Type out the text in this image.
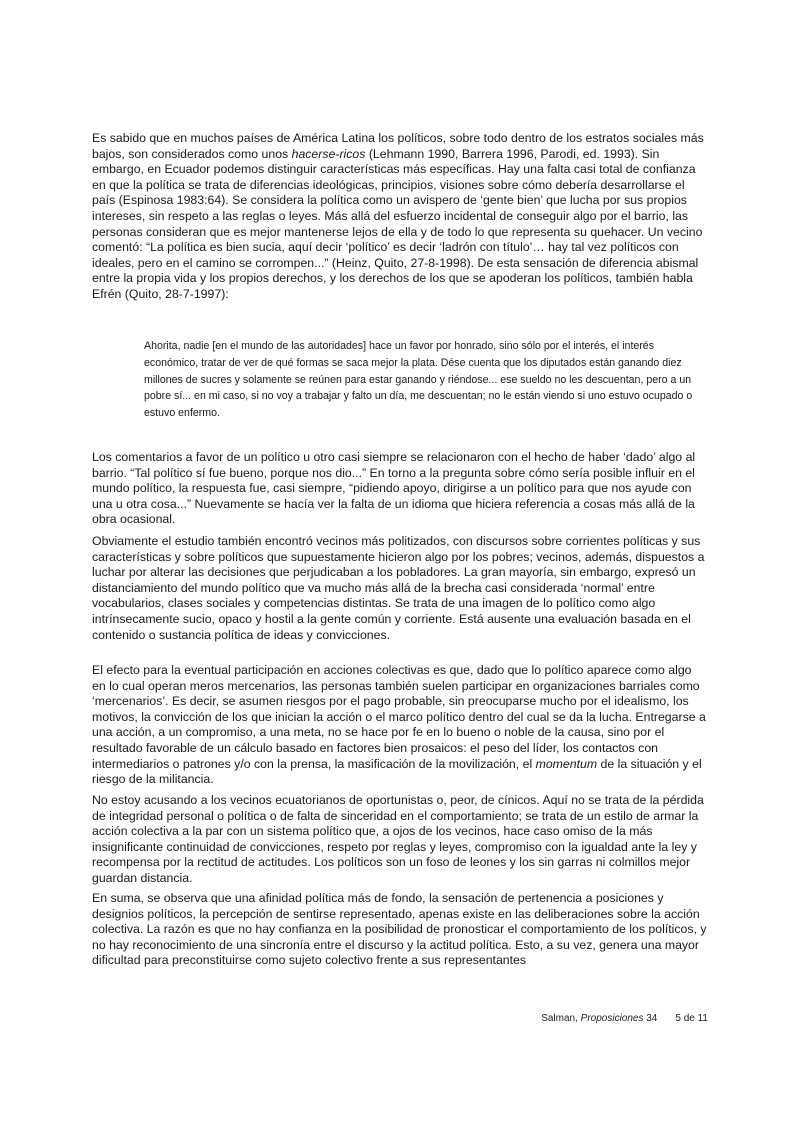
Es sabido que en muchos países de América Latina los políticos, sobre todo dentro de los estratos sociales más bajos, son considerados como unos hacerse-ricos (Lehmann 1990, Barrera 1996, Parodi, ed. 1993). Sin embargo, en Ecuador podemos distinguir características más específicas. Hay una falta casi total de confianza en que la política se trata de diferencias ideológicas, principios, visiones sobre cómo debería desarrollarse el país (Espinosa 1983:64). Se considera la política como un avispero de ‘gente bien’ que lucha por sus propios intereses, sin respeto a las reglas o leyes. Más allá del esfuerzo incidental de conseguir algo por el barrio, las personas consideran que es mejor mantenerse lejos de ella y de todo lo que representa su quehacer. Un vecino comentó: “La política es bien sucia, aquí decir ‘político’ es decir ‘ladrón con título’… hay tal vez políticos con ideales, pero en el camino se corrompen...” (Heinz, Quito, 27-8-1998). De esta sensación de diferencia abismal entre la propia vida y los propios derechos, y los derechos de los que se apoderan los políticos, también habla Efrén (Quito, 28-7-1997):

Ahorita, nadie [en el mundo de las autoridades] hace un favor por honrado, sino sólo por el interés, el interés económico, tratar de ver de qué formas se saca mejor la plata. Dése cuenta que los diputados están ganando diez millones de sucres y solamente se reúnen para estar ganando y riéndose... ese sueldo no les descuentan, pero a un pobre sí... en mi caso, si no voy a trabajar y falto un día, me descuentan; no le están viendo si uno estuvo ocupado o estuvo enfermo.

Los comentarios a favor de un político u otro casi siempre se relacionaron con el hecho de haber ‘dado’ algo al barrio. “Tal político sí fue bueno, porque nos dio...” En torno a la pregunta sobre cómo sería posible influir en el mundo político, la respuesta fue, casi siempre, “pidiendo apoyo, dirigirse a un político para que nos ayude con una u otra cosa...” Nuevamente se hacía ver la falta de un idioma que hiciera referencia a cosas más allá de la obra ocasional.

Obviamente el estudio también encontró vecinos más politizados, con discursos sobre corrientes políticas y sus características y sobre políticos que supuestamente hicieron algo por los pobres; vecinos, además, dispuestos a luchar por alterar las decisiones que perjudicaban a los pobladores. La gran mayoría, sin embargo, expresó un distanciamiento del mundo político que va mucho más allá de la brecha casi considerada ‘normal’ entre vocabularios, clases sociales y competencias distintas. Se trata de una imagen de lo político como algo intrínsecamente sucio, opaco y hostil a la gente común y corriente. Está ausente una evaluación basada en el contenido o sustancia política de ideas y convicciones.

El efecto para la eventual participación en acciones colectivas es que, dado que lo político aparece como algo en lo cual operan meros mercenarios, las personas también suelen participar en organizaciones barriales como ‘mercenarios’. Es decir, se asumen riesgos por el pago probable, sin preocuparse mucho por el idealismo, los motivos, la convicción de los que inician la acción o el marco político dentro del cual se da la lucha. Entregarse a una acción, a un compromiso, a una meta, no se hace por fe en lo bueno o noble de la causa, sino por el resultado favorable de un cálculo basado en factores bien prosaicos: el peso del líder, los contactos con intermediarios o patrones y/o con la prensa, la masificación de la movilización, el momentum de la situación y el riesgo de la militancia.

No estoy acusando a los vecinos ecuatorianos de oportunistas o, peor, de cínicos. Aquí no se trata de la pérdida de integridad personal o política o de falta de sinceridad en el comportamiento; se trata de un estilo de armar la acción colectiva a la par con un sistema político que, a ojos de los vecinos, hace caso omiso de la más insignificante continuidad de convicciones, respeto por reglas y leyes, compromiso con la igualdad ante la ley y recompensa por la rectitud de actitudes. Los políticos son un foso de leones y los sin garras ni colmillos mejor guardan distancia.

En suma, se observa que una afinidad política más de fondo, la sensación de pertenencia a posiciones y designios políticos, la percepción de sentirse representado, apenas existe en las deliberaciones sobre la acción colectiva. La razón es que no hay confianza en la posibilidad de pronosticar el comportamiento de los políticos, y no hay reconocimiento de una sincronía entre el discurso y la actitud política. Esto, a su vez, genera una mayor dificultad para preconstituirse como sujeto colectivo frente a sus representantes

Salman, Proposiciones 34 5 de 11
